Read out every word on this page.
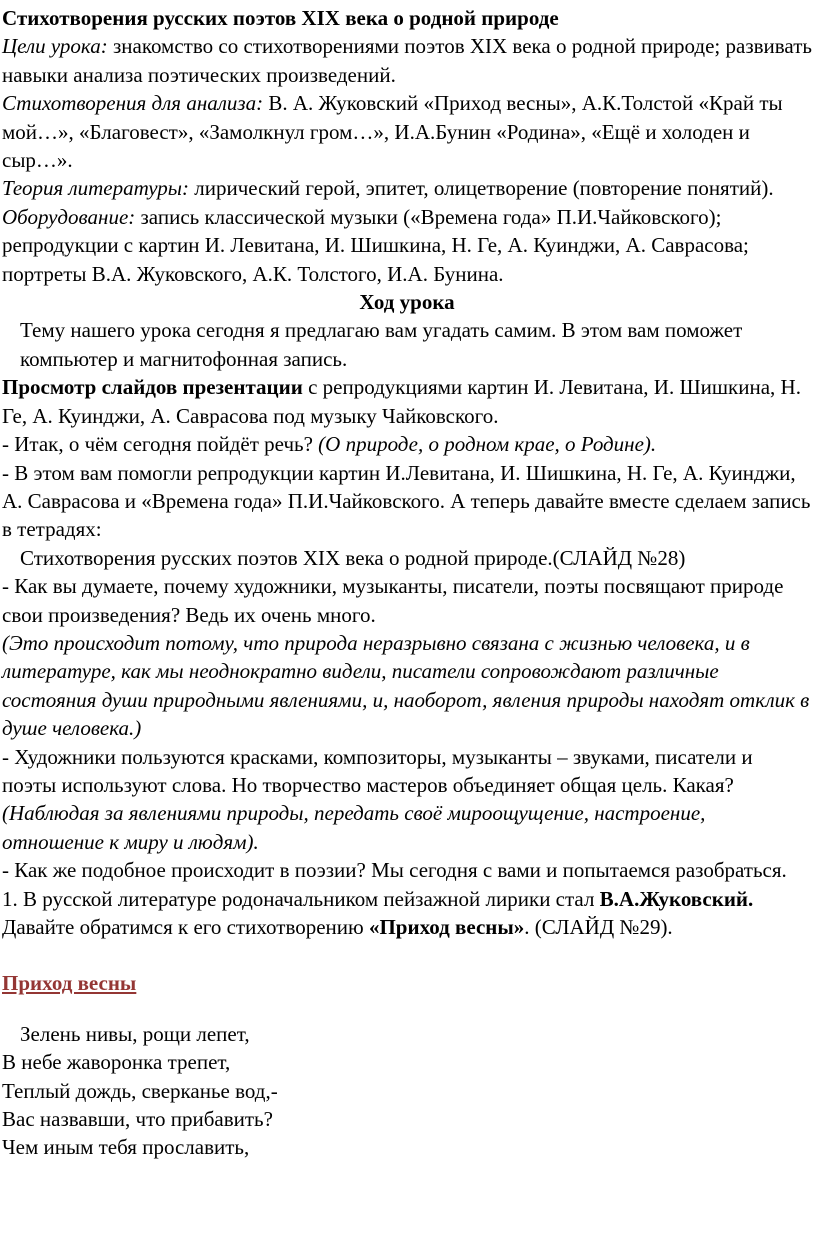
Стихотворения русских поэтов XIX века о родной природе

Цели урока: знакомство со стихотворениями поэтов XIX века о родной природе; развивать навыки анализа поэтических произведений.

Стихотворения для анализа: В. А. Жуковский «Приход весны», А.К.Толстой «Край ты мой…», «Благовест», «Замолкнул гром…», И.А.Бунин «Родина», «Ещё и холоден и сыр…».

Теория литературы: лирический герой, эпитет, олицетворение (повторение понятий).

Оборудование: запись классической музыки («Времена года» П.И.Чайковского); репродукции с картин И. Левитана, И. Шишкина, Н. Ге, А. Куинджи, А. Саврасова; портреты В.А. Жуковского, А.К. Толстого, И.А. Бунина.

Ход урока

Тему нашего урока сегодня я предлагаю вам угадать самим. В этом вам поможет компьютер и магнитофонная запись.

Просмотр слайдов презентации с репродукциями картин И. Левитана, И. Шишкина, Н. Ге, А. Куинджи, А. Саврасова под музыку Чайковского.

- Итак, о чём сегодня пойдёт речь? (О природе, о родном крае, о Родине).

- В этом вам помогли репродукции картин И.Левитана, И. Шишкина, Н. Ге, А. Куинджи, А. Саврасова и «Времена года» П.И.Чайковского. А теперь давайте вместе сделаем запись в тетрадях:

Стихотворения русских поэтов XIX века о родной природе.(СЛАЙД №28)

- Как вы думаете, почему художники, музыканты, писатели, поэты посвящают природе свои произведения? Ведь их очень много.

(Это происходит потому, что природа неразрывно связана с жизнью человека, и в литературе, как мы неоднократно видели, писатели сопровождают различные состояния души природными явлениями, и, наоборот, явления природы находят отклик в душе человека.)

- Художники пользуются красками, композиторы, музыканты – звуками, писатели и поэты используют слова. Но творчество мастеров объединяет общая цель. Какая? (Наблюдая за явлениями природы, передать своё мироощущение, настроение, отношение к миру и людям).

- Как же подобное происходит в поэзии? Мы сегодня с вами и попытаемся разобраться.

1. В русской литературе родоначальником пейзажной лирики стал В.А.Жуковский. Давайте обратимся к его стихотворению «Приход весны». (СЛАЙД №29).

Приход весны

Зелень нивы, рощи лепет,

В небе жаворонка трепет,

Теплый дождь, сверканье вод,-

Вас назвавши, что прибавить?

Чем иным тебя прославить,
